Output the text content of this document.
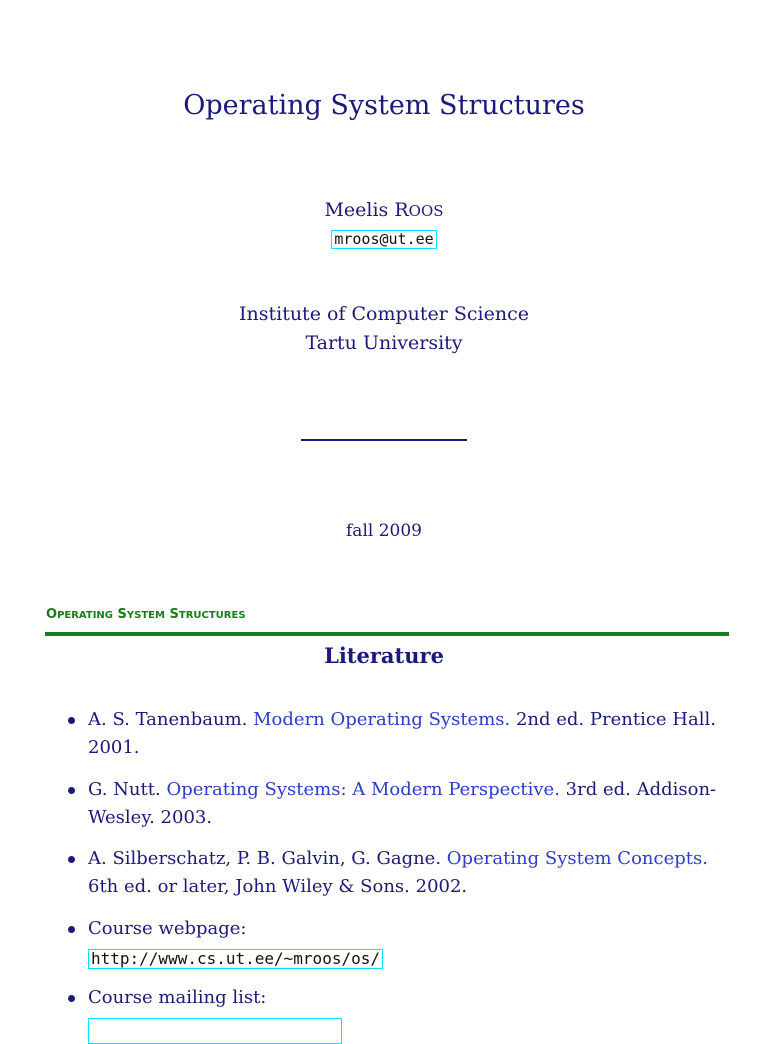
Operating System Structures
Meelis ROOS
mroos@ut.ee
Institute of Computer Science
Tartu University
fall 2009
OPERATING SYSTEM STRUCTURES
Literature
A. S. Tanenbaum. Modern Operating Systems. 2nd ed. Prentice Hall. 2001.
G. Nutt. Operating Systems: A Modern Perspective. 3rd ed. Addison-Wesley. 2003.
A. Silberschatz, P. B. Galvin, G. Gagne. Operating System Concepts. 6th ed. or later, John Wiley & Sons. 2002.
Course webpage:
http://www.cs.ut.ee/~mroos/os/
Course mailing list:
